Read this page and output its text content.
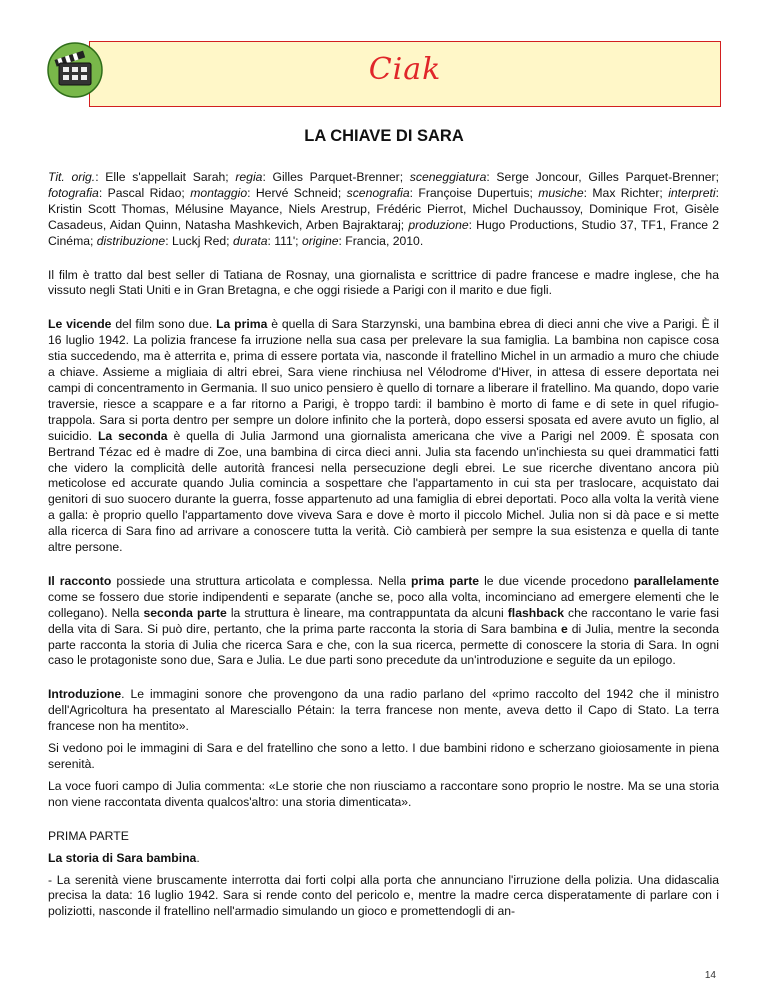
Ciak
LA CHIAVE DI SARA

Tit. orig.: Elle s'appellait Sarah; regia: Gilles Parquet-Brenner; sceneggiatura: Serge Joncour, Gilles Parquet-Brenner; fotografia: Pascal Ridao; montaggio: Hervé Schneid; scenografia: Françoise Dupertuis; musiche: Max Richter; interpreti: Kristin Scott Thomas, Mélusine Mayance, Niels Arestrup, Frédéric Pierrot, Michel Duchaussoy, Dominique Frot, Gisèle Casadeus, Aidan Quinn, Natasha Mashkevich, Arben Bajraktaraj; produzione: Hugo Productions, Studio 37, TF1, France 2 Cinéma; distribuzione: Luckj Red; durata: 111'; origine: Francia, 2010.

Il film è tratto dal best seller di Tatiana de Rosnay, una giornalista e scrittrice di padre francese e madre inglese, che ha vissuto negli Stati Uniti e in Gran Bretagna, e che oggi risiede a Parigi con il marito e due figli.

Le vicende del film sono due. La prima è quella di Sara Starzynski, una bambina ebrea di dieci anni che vive a Parigi. È il 16 luglio 1942. La polizia francese fa irruzione nella sua casa per prelevare la sua famiglia. La bambina non capisce cosa stia succedendo, ma è atterrita e, prima di essere portata via, nasconde il fratellino Michel in un armadio a muro che chiude a chiave. Assieme a migliaia di altri ebrei, Sara viene rinchiusa nel Vélodrome d'Hiver, in attesa di essere deportata nei campi di concentramento in Germania. Il suo unico pensiero è quello di tornare a liberare il fratellino. Ma quando, dopo varie traversie, riesce a scappare e a far ritorno a Parigi, è troppo tardi: il bambino è morto di fame e di sete in quel rifugio-trappola. Sara si porta dentro per sempre un dolore infinito che la porterà, dopo essersi sposata ed avere avuto un figlio, al suicidio. La seconda è quella di Julia Jarmond una giornalista americana che vive a Parigi nel 2009. È sposata con Bertrand Tézac ed è madre di Zoe, una bambina di circa dieci anni. Julia sta facendo un'inchiesta su quei drammatici fatti che videro la complicità delle autorità francesi nella persecuzione degli ebrei. Le sue ricerche diventano ancora più meticolose ed accurate quando Julia comincia a sospettare che l'appartamento in cui sta per traslocare, acquistato dai genitori di suo suocero durante la guerra, fosse appartenuto ad una famiglia di ebrei deportati. Poco alla volta la verità viene a galla: è proprio quello l'appartamento dove viveva Sara e dove è morto il piccolo Michel. Julia non si dà pace e si mette alla ricerca di Sara fino ad arrivare a conoscere tutta la verità. Ciò cambierà per sempre la sua esistenza e quella di tante altre persone.

Il racconto possiede una struttura articolata e complessa. Nella prima parte le due vicende procedono parallelamente come se fossero due storie indipendenti e separate (anche se, poco alla volta, incominciano ad emergere elementi che le collegano). Nella seconda parte la struttura è lineare, ma contrappuntata da alcuni flashback che raccontano le varie fasi della vita di Sara. Si può dire, pertanto, che la prima parte racconta la storia di Sara bambina e di Julia, mentre la seconda parte racconta la storia di Julia che ricerca Sara e che, con la sua ricerca, permette di conoscere la storia di Sara. In ogni caso le protagoniste sono due, Sara e Julia. Le due parti sono precedute da un'introduzione e seguite da un epilogo.

Introduzione. Le immagini sonore che provengono da una radio parlano del «primo raccolto del 1942 che il ministro dell'Agricoltura ha presentato al Maresciallo Pétain: la terra francese non mente, aveva detto il Capo di Stato. La terra francese non ha mentito».

Si vedono poi le immagini di Sara e del fratellino che sono a letto. I due bambini ridono e scherzano gioiosamente in piena serenità.

La voce fuori campo di Julia commenta: «Le storie che non riusciamo a raccontare sono proprio le nostre. Ma se una storia non viene raccontata diventa qualcos'altro: una storia dimenticata».

PRIMA PARTE

La storia di Sara bambina.

- La serenità viene bruscamente interrotta dai forti colpi alla porta che annunciano l'irruzione della polizia. Una didascalia precisa la data: 16 luglio 1942. Sara si rende conto del pericolo e, mentre la madre cerca disperatamente di parlare con i poliziotti, nasconde il fratellino nell'armadio simulando un gioco e promettendogli di an-

14
